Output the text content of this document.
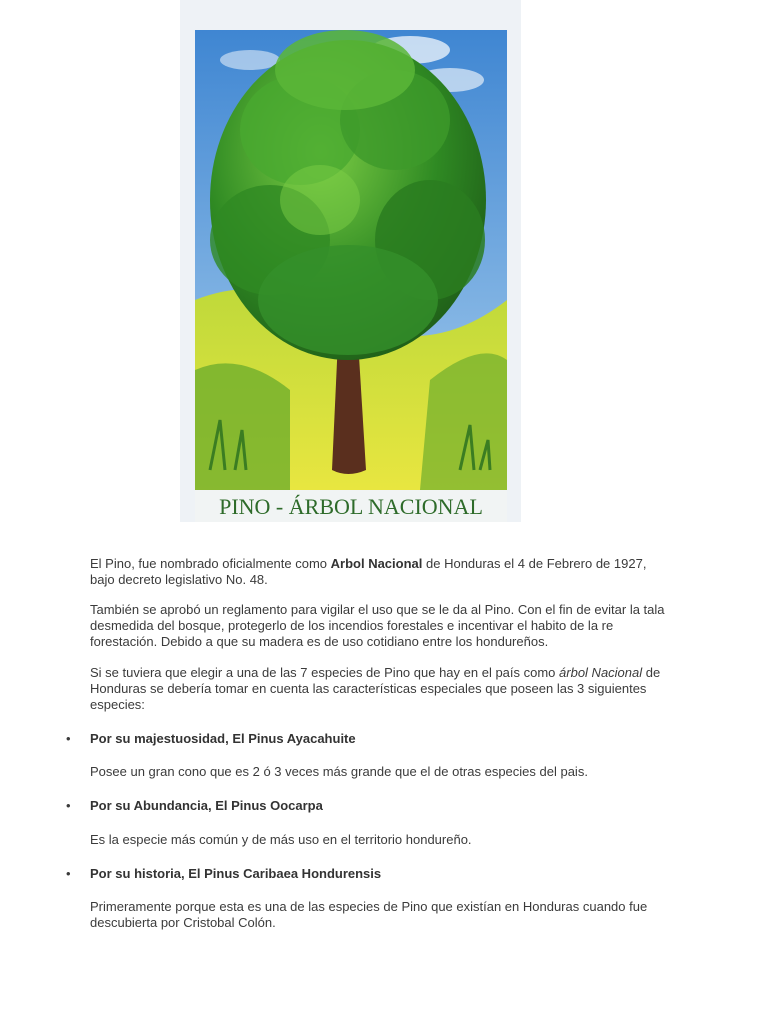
PINO - ÁRBOL NACIONAL
El Pino, fue nombrado oficialmente como Arbol Nacional de Honduras el 4 de Febrero de 1927,
bajo decreto legislativo No. 48.
También se aprobó un reglamento para vigilar el uso que se le da al Pino. Con el fin de evitar la tala
desmedida del bosque, protegerlo de los incendios forestales e incentivar el habito de la re
forestación. Debido a que su madera es de uso cotidiano entre los hondureños.
Si se tuviera que elegir a una de las 7 especies de Pino que hay en el país como árbol Nacional de
Honduras se debería tomar en cuenta las características especiales que poseen las 3 siguientes
especies:
• Por su majestuosidad, El Pinus Ayacahuite
Posee un gran cono que es 2 ó 3 veces más grande que el de otras especies del pais.
• Por su Abundancia, El Pinus Oocarpa
Es la especie más común y de más uso en el territorio hondureño.
• Por su historia, El Pinus Caribaea Hondurensis
Primeramente porque esta es una de las especies de Pino que existían en Honduras cuando fue
descubierta por Cristobal Colón.
